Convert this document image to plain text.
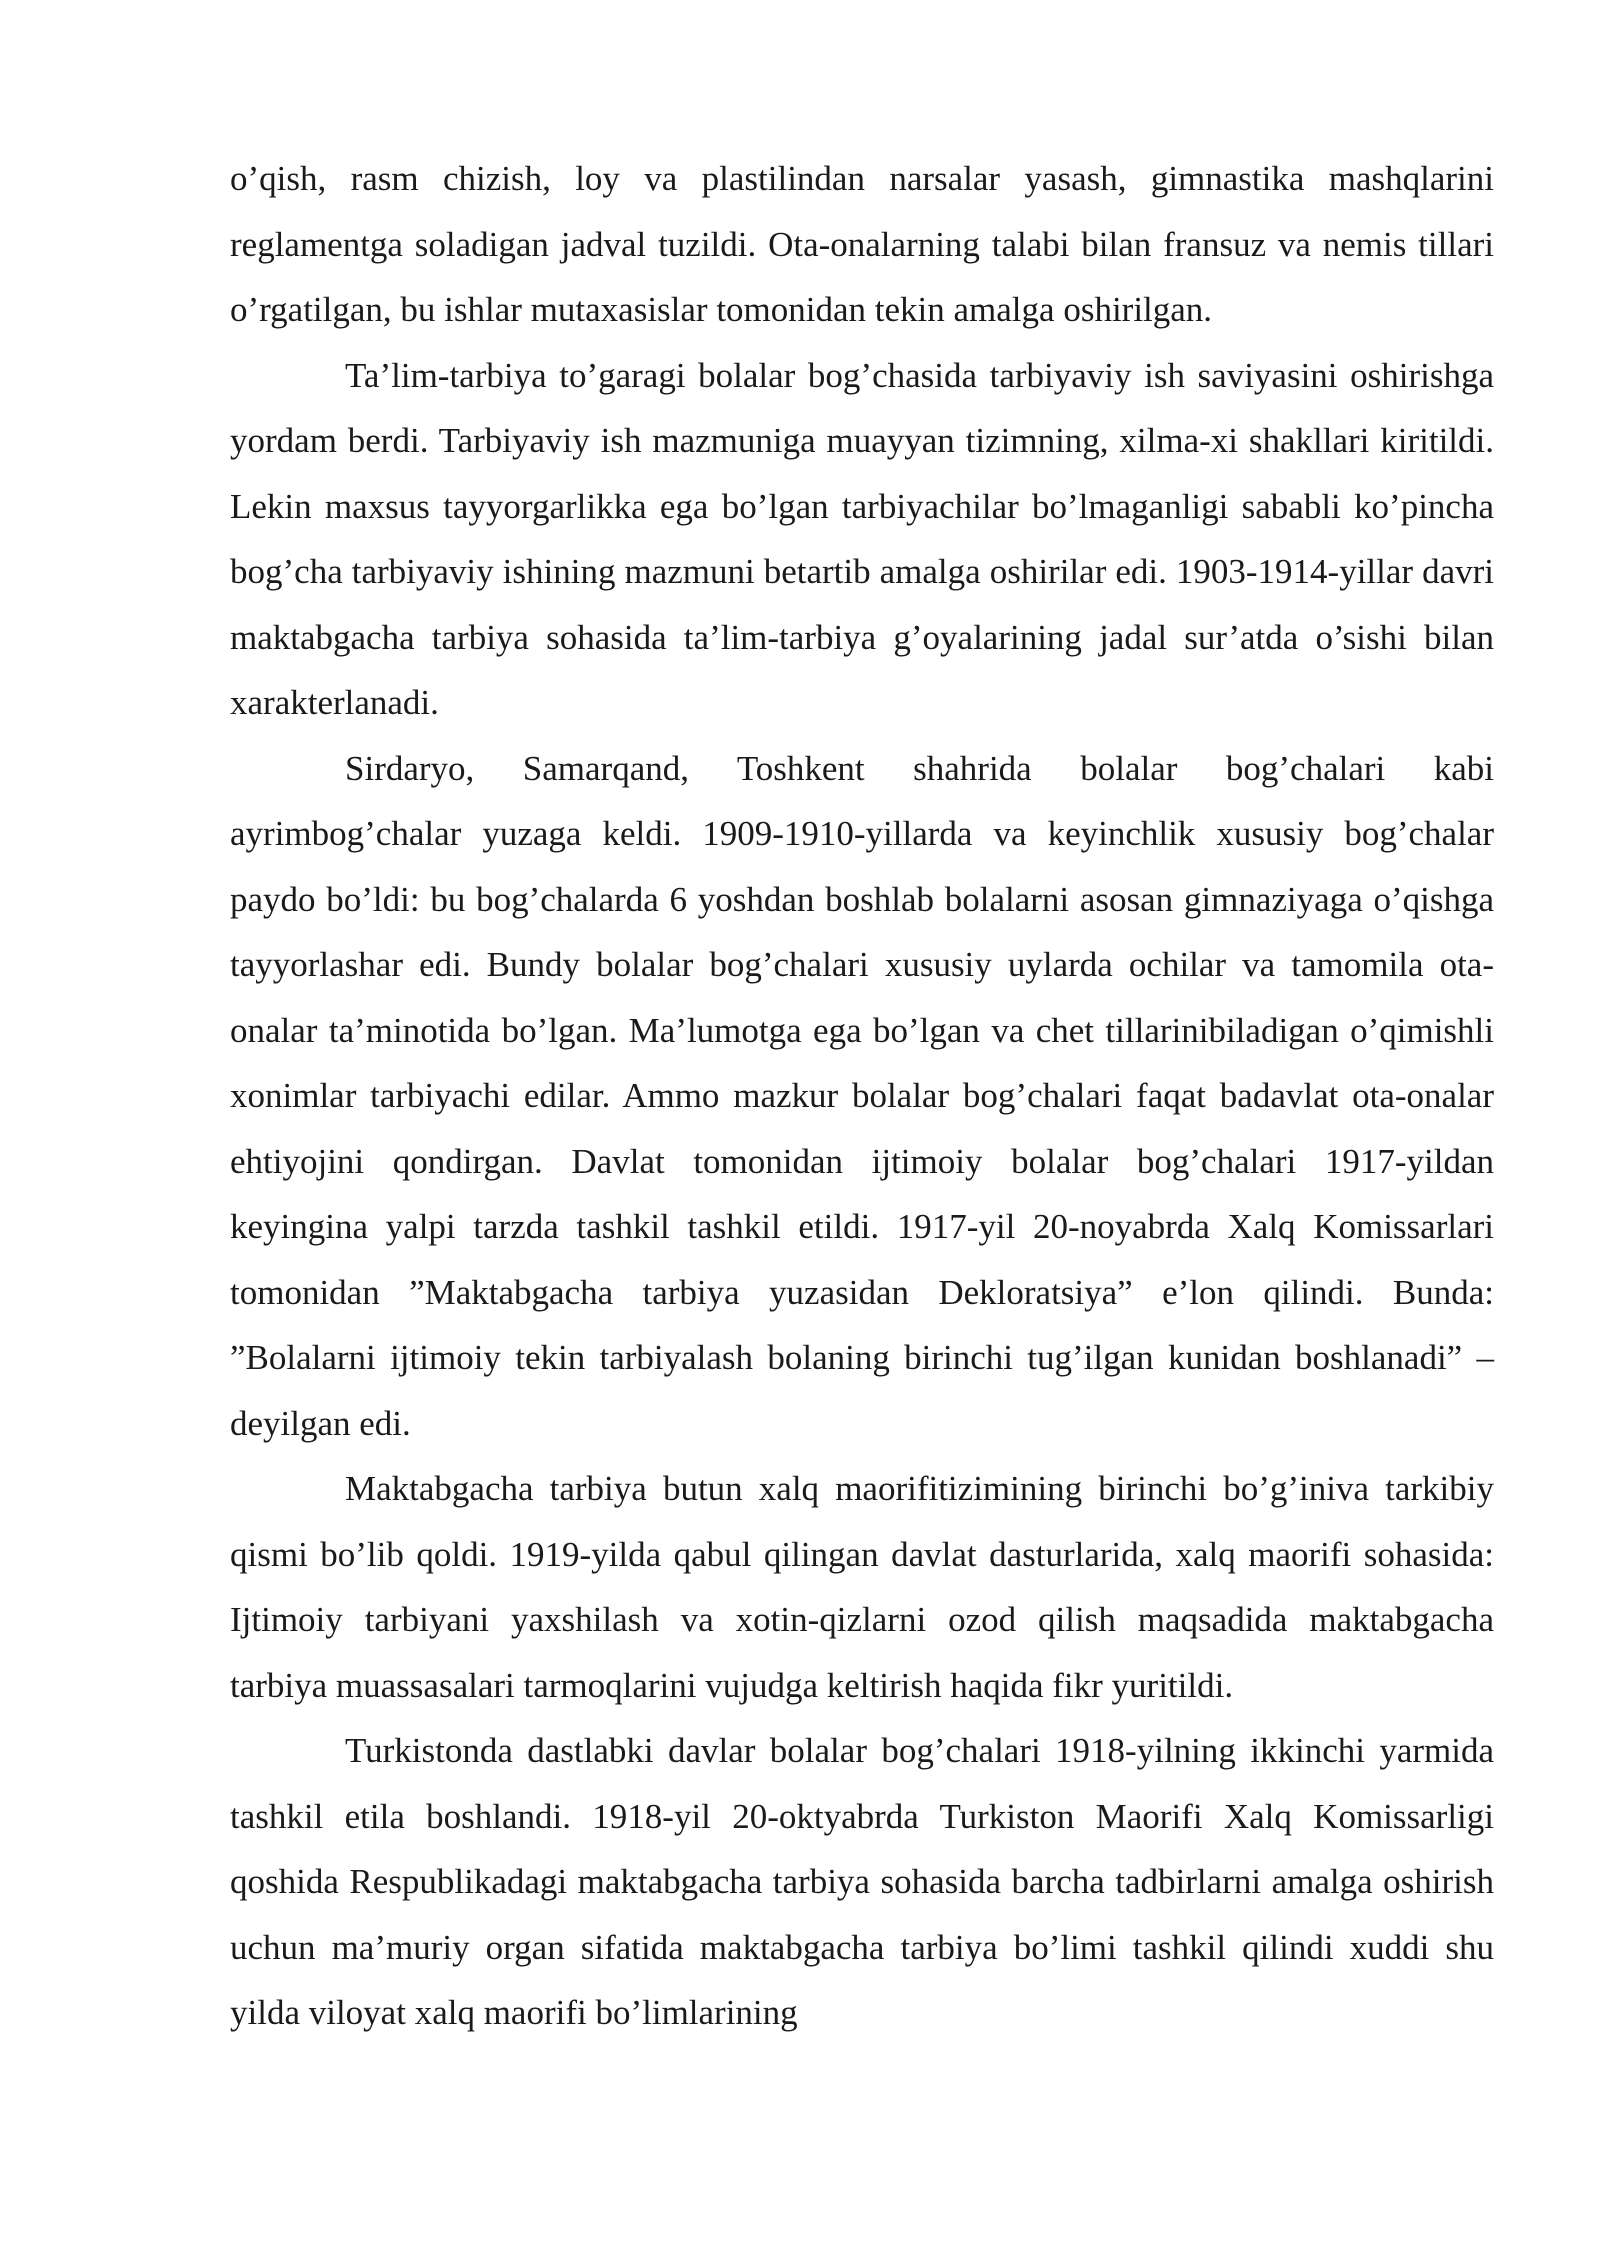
o’qish, rasm chizish, loy va plastilindan narsalar yasash, gimnastika mashqlarini reglamentga soladigan jadval tuzildi. Ota-onalarning talabi bilan fransuz va nemis tillari o’rgatilgan, bu ishlar mutaxasislar tomonidan tekin amalga oshirilgan.

Ta’lim-tarbiya to’garagi bolalar bog’chasida tarbiyaviy ish saviyasini oshirishga yordam berdi. Tarbiyaviy ish mazmuniga muayyan tizimning, xilma-xi shakllari kiritildi. Lekin maxsus tayyorgarlikka ega bo’lgan tarbiyachilar bo’lmaganligi sababli ko’pincha bog’cha tarbiyaviy ishining mazmuni betartib amalga oshirilar edi. 1903-1914-yillar davri maktabgacha tarbiya sohasida ta’lim-tarbiya g’oyalarining jadal sur’atda o’sishi bilan xarakterlanadi.

Sirdaryo, Samarqand, Toshkent shahrida bolalar bog’chalari kabi ayrimbog’chalar yuzaga keldi. 1909-1910-yillarda va keyinchlik xususiy bog’chalar paydo bo’ldi: bu bog’chalarda 6 yoshdan boshlab bolalarni asosan gimnaziyaga o’qishga tayyorlashar edi. Bundy bolalar bog’chalari xususiy uylarda ochilar va tamomila ota-onalar ta’minotida bo’lgan. Ma’lumotga ega bo’lgan va chet tillarinibiladigan o’qimishli xonimlar tarbiyachi edilar. Ammo mazkur bolalar bog’chalari faqat badavlat ota-onalar ehtiyojini qondirgan. Davlat tomonidan ijtimoiy bolalar bog’chalari 1917-yildan keyingina yalpi tarzda tashkil tashkil etildi. 1917-yil 20-noyabrda Xalq Komissarlari tomonidan ”Maktabgacha tarbiya yuzasidan Dekloratsiya” e’lon qilindi. Bunda: ”Bolalarni ijtimoiy tekin tarbiyalash bolaning birinchi tug’ilgan kunidan boshlanadi” – deyilgan edi.

Maktabgacha tarbiya butun xalq maorifitizimining birinchi bo’g’iniva tarkibiy qismi bo’lib qoldi. 1919-yilda qabul qilingan davlat dasturlarida, xalq maorifi sohasida: Ijtimoiy tarbiyani yaxshilash va xotin-qizlarni ozod qilish maqsadida maktabgacha tarbiya muassasalari tarmoqlarini vujudga keltirish haqida fikr yuritildi.

Turkistonda dastlabki davlar bolalar bog’chalari 1918-yilning ikkinchi yarmida tashkil etila boshlandi. 1918-yil 20-oktyabrda Turkiston Maorifi Xalq Komissarligi qoshida Respublikadagi maktabgacha tarbiya sohasida barcha tadbirlarni amalga oshirish uchun ma’muriy organ sifatida maktabgacha tarbiya bo’limi tashkil qilindi xuddi shu yilda viloyat xalq maorifi bo’limlarining
